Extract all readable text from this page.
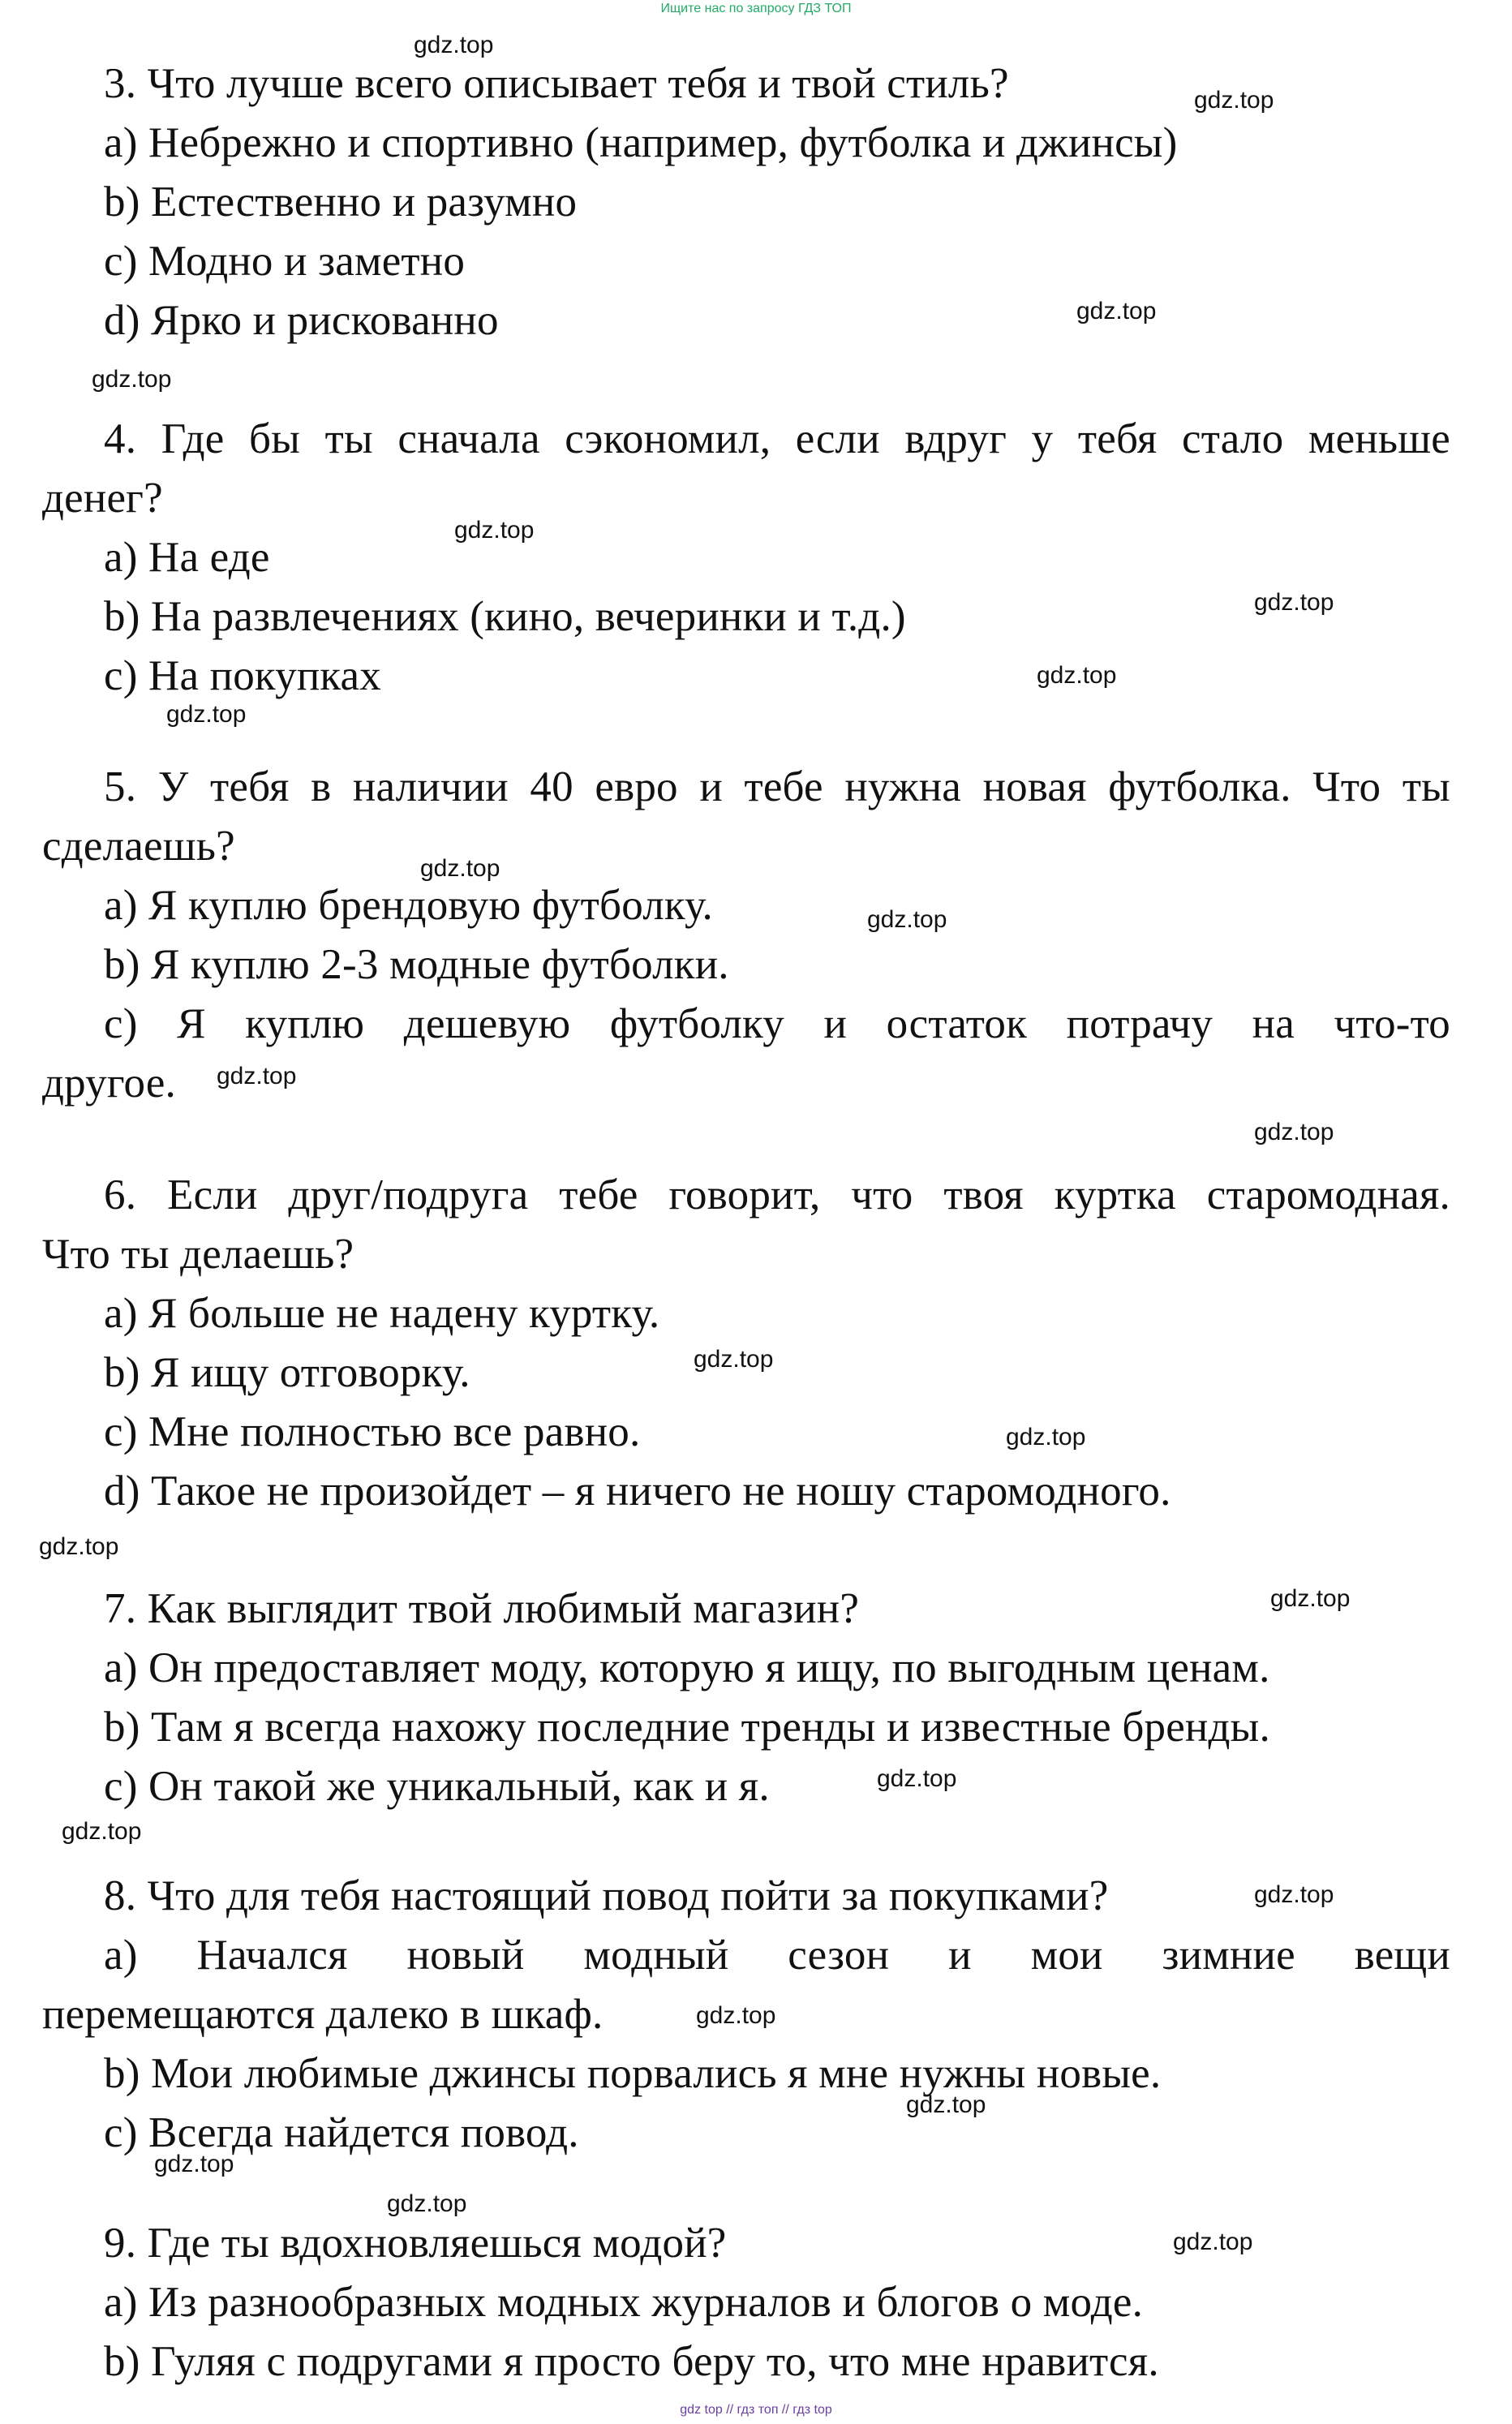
Ищите нас по запросу ГДЗ ТОП
3. Что лучше всего описывает тебя и твой стиль?
a) Небрежно и спортивно (например, футболка и джинсы)
b) Естественно и разумно
c) Модно и заметно
d) Ярко и рискованно
4. Где бы ты сначала сэкономил, если вдруг у тебя стало меньше
денег?
a) На еде
b) На развлечениях (кино, вечеринки и т.д.)
c) На покупках
5. У тебя в наличии 40 евро и тебе нужна новая футболка. Что ты
сделаешь?
a) Я куплю брендовую футболку.
b) Я куплю 2-3 модные футболки.
c) Я куплю дешевую футболку и остаток потрачу на что-то
другое.
6. Если друг/подруга тебе говорит, что твоя куртка старомодная.
Что ты делаешь?
a) Я больше не надену куртку.
b) Я ищу отговорку.
c) Мне полностью все равно.
d) Такое не произойдет – я ничего не ношу старомодного.
7. Как выглядит твой любимый магазин?
a) Он предоставляет моду, которую я ищу, по выгодным ценам.
b) Там я всегда нахожу последние тренды и известные бренды.
c) Он такой же уникальный, как и я.
8. Что для тебя настоящий повод пойти за покупками?
a) Начался новый модный сезон и мои зимние вещи
перемещаются далеко в шкаф.
b) Мои любимые джинсы порвались я мне нужны новые.
c) Всегда найдется повод.
9. Где ты вдохновляешься модой?
a) Из разнообразных модных журналов и блогов о моде.
b) Гуляя с подругами я просто беру то, что мне нравится.
gdz.top
gdz.top
gdz.top
gdz.top
gdz.top
gdz.top
gdz.top
gdz.top
gdz.top
gdz.top
gdz.top
gdz.top
gdz.top
gdz.top
gdz.top
gdz.top
gdz.top
gdz.top
gdz.top
gdz.top
gdz.top
gdz.top
gdz.top
gdz.top
gdz top // гдз топ // гдз top
